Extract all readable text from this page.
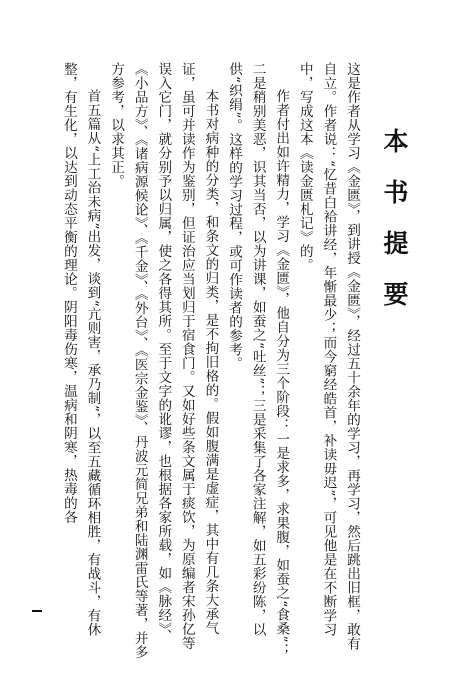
本书提要

这是作者从学习《金匮》，到讲授《金匮》，经过五十余年的学习，再学习，然后跳出旧框，敢有自立。作者说：“忆昔白袷讲经，年惭最少；而今窮经皓首，补读毋迟”，可见他是在不断学习中，写成这本《读金匮札记》的。

作者付出如许精力，学习《金匮》，他自分为三个阶段：一是求多，求果腹，如蚕之“食桑”；二是稍别美恶，识其当否，以为讲课，如蚕之“吐丝”；三是采集了各家注解，如五彩纷陈，以供“织绢”。这样的学习过程，或可作读者的参考。

本书对病种的分类，和条文的归类，是不拘旧格的。假如腹满是虚症，其中有几条大承气证，虽可并读作为鉴别，但证治应当划归于宿食门。又如好些条文属于痰饮，为原编者宋孙亿等误入它门，就分别予以归属，使之各得其所。至于文字的讹谬，也根据各家所载，如《脉经》、《小品方》、《诸病源候论》、《千金》、《外台》、《医宗金鉴》、丹波元简兄弟和陆渊雷氏等著，并多方参考，以求其正。

首五篇从“上工治未病”出发，谈到“亢则害，承乃制”，以至五藏循环相胜，有战斗，有休整，有生化，以达到动态平衡的理论。阴阳毒伤寒，温病和阴寒，热毒的各
